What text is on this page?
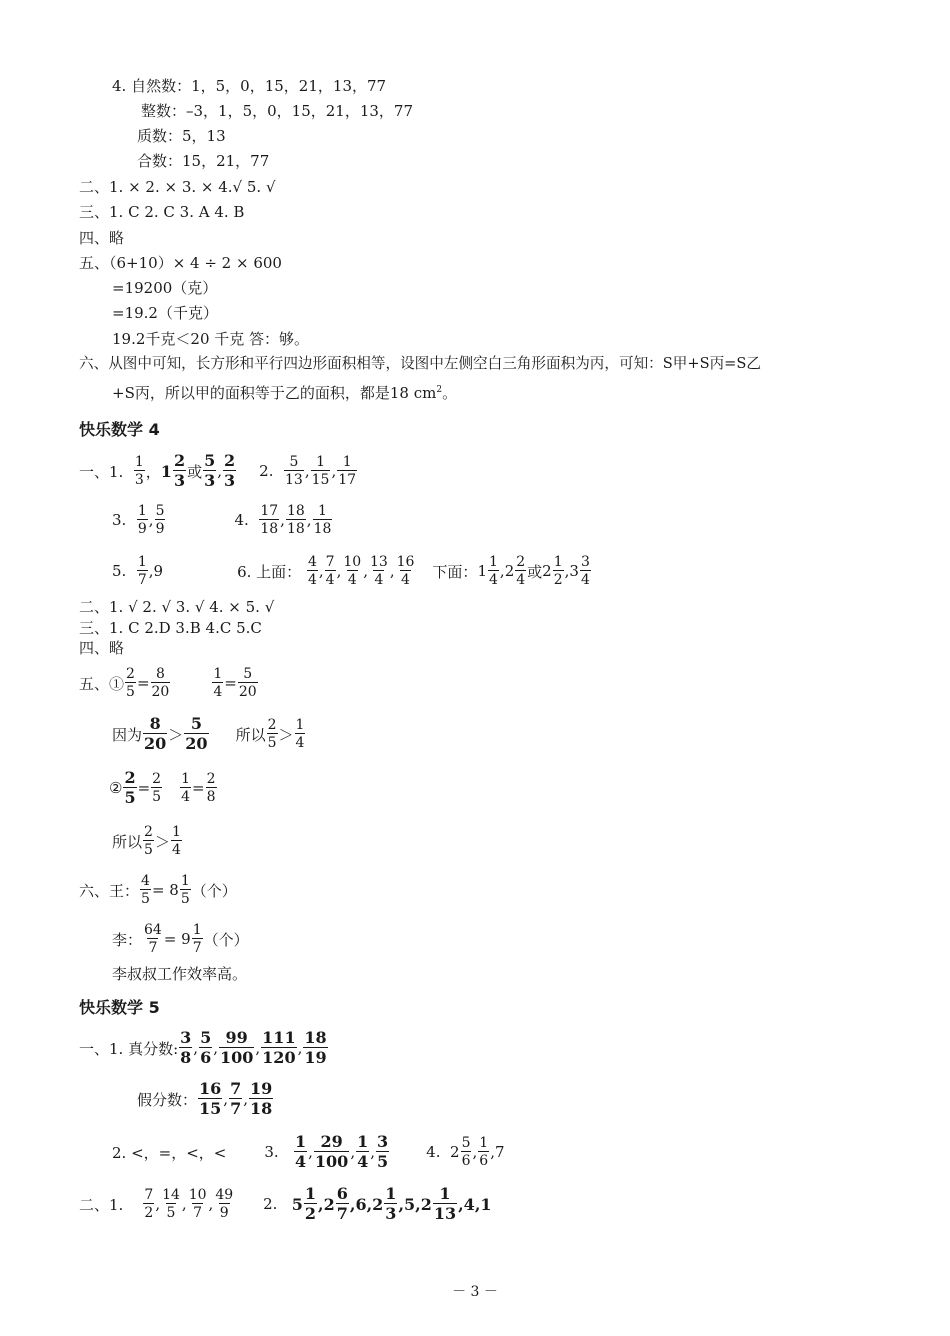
4. 自然数：1，5，0，15，21，13，77
整数：–3，1，5，0，15，21，13，77
质数：5，13
合数：15，21，77
二、1. × 2. × 3. × 4.√ 5. √
三、1. C 2. C 3. A 4. B
四、略
五、（6+10）× 4 ÷ 2 × 600
=19200（克）
=19.2（千克）
19.2千克＜20 千克 答：够。
六、从图中可知，长方形和平行四边形面积相等，设图中左侧空白三角形面积为丙，可知：S甲+S丙=S乙
+S丙，所以甲的面积等于乙的面积，都是18 $cm^2$。
快乐数学 4
一、1.

1
3 ， 1
2
3 或
5
3 ,
2
3 2.
5
13 , 1
15 , 1
17
3.
1
9 , 5
9	4.
17
18 , 18
18 , 1
18
5.
1
7 ,9	6. 上面：

4
4 , 7
4 , 10
4 , 13
4 , 16
4 下面： 1 1
4 , 2 2
4 或 2 1
2 , 3 3
4
二、1. √ 2. √ 3. √ 4. × 5. √
三、1. C 2.D 3.B 4.C 5.C
四、略
五、① $\frac{2}{5} = \frac{8}{20}$	$\frac{1}{4} = \frac{5}{20}$
因为
8
20 ＞
5
20 所以
2
5 ＞
1
4
② $\frac{2}{5} = \frac{2}{5} \frac{1}{4} = \frac{2}{8}$
所以
2
5 ＞
1
4
六、王： $\frac{4}{5} = 8$ 1
5 （个）
李： $\frac{64}{7} = 9$ 1
7 （个）
李叔叔工作效率高。
快乐数学 5
一、1. 真分数:
3
8 ,
5
6 ,
99
100 ,
111
120 ,
18
19
假分数：
16
15 ,
7
7 ,
19
18
2. <，=，<，<	3.

1
4 ,
29
100 ,
1
4 ,
3
5	4.
2 5
6 , 1
6 ,7
二、1.

7
2 , 14
5 , 10
7 , 49
9 2.
5
1
2 ,2
6
7 ,6,2
1
3 ,5,2
1
13 ,4,1
－ 3 －
